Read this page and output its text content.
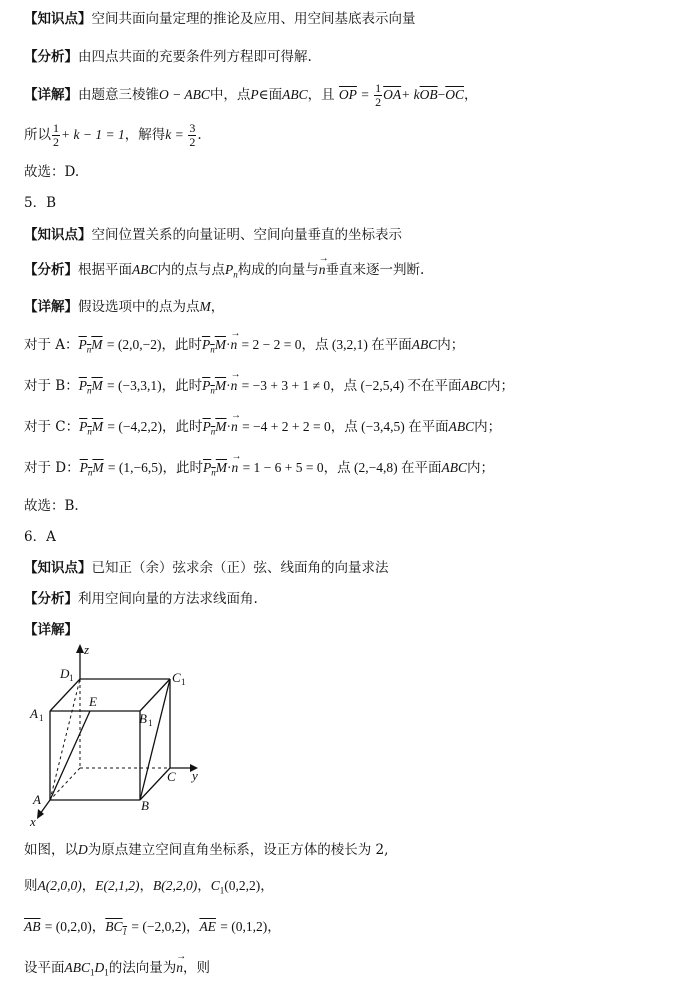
【知识点】空间共面向量定理的推论及应用、用空间基底表示向量
【分析】由四点共面的充要条件列方程即可得解.
【详解】由题意三棱锥O − ABC中，点P∈面ABC，且 $\overline{OP} = \frac{1}{2} \overline{OA}+ k\overline{OB}-\overline{OC}$，
所以 $\frac{1}{2} + k - 1 = 1$，解得$k = \frac{3}{2}$ .
故选：D.
5．B
【知识点】空间位置关系的向量证明、空间向量垂直的坐标表示
【分析】根据平面ABC内的点与点$P_n$构成的向量与→ n垂直来逐一判断.
【详解】假设选项中的点为点M，
对于 A：$P_nM = (2,0,-2)$，此时$P_nM\cdot\to n = 2 - 2 = 0$，点 (3,2,1) 在平面ABC内；
对于 B：$P_nM = (-3,3,1)$，此时$P_nM\cdot\to n = -3 + 3 + 1 \ne 0$，点 (−2,5,4) 不在平面ABC内；
对于 C：$P_nM = (-4,2,2)$，此时$P_nM\cdot\to n = -4 + 2 + 2 = 0$，点 (−3,4,5) 在平面ABC内；
对于 D：$P_nM = (1,-6,5)$，此时$P_nM\cdot\to n = 1 - 6 + 5 = 0$，点 (2,−4,8) 在平面ABC内；
故选：B.
6．A
【知识点】已知正（余）弦求余（正）弦、线面角的向量求法
【分析】利用空间向量的方法求线面角.
【详解】
z
y
x
A	B
C
A 1	B 1
C 1
D 1
E
如图，以D为原点建立空间直角坐标系，设正方体的棱长为 2,
则A(2,0,0)，E(2,1,2)，B(2,2,0)，$C_1(0,2,2)$，
$\overline{AB} = (0,2,0)$，$BC_1 = (-2,0,2)$，$\overline{AE} = (0,1,2)$，
设平面$ABC_1D_1$的法向量为→ n，则
